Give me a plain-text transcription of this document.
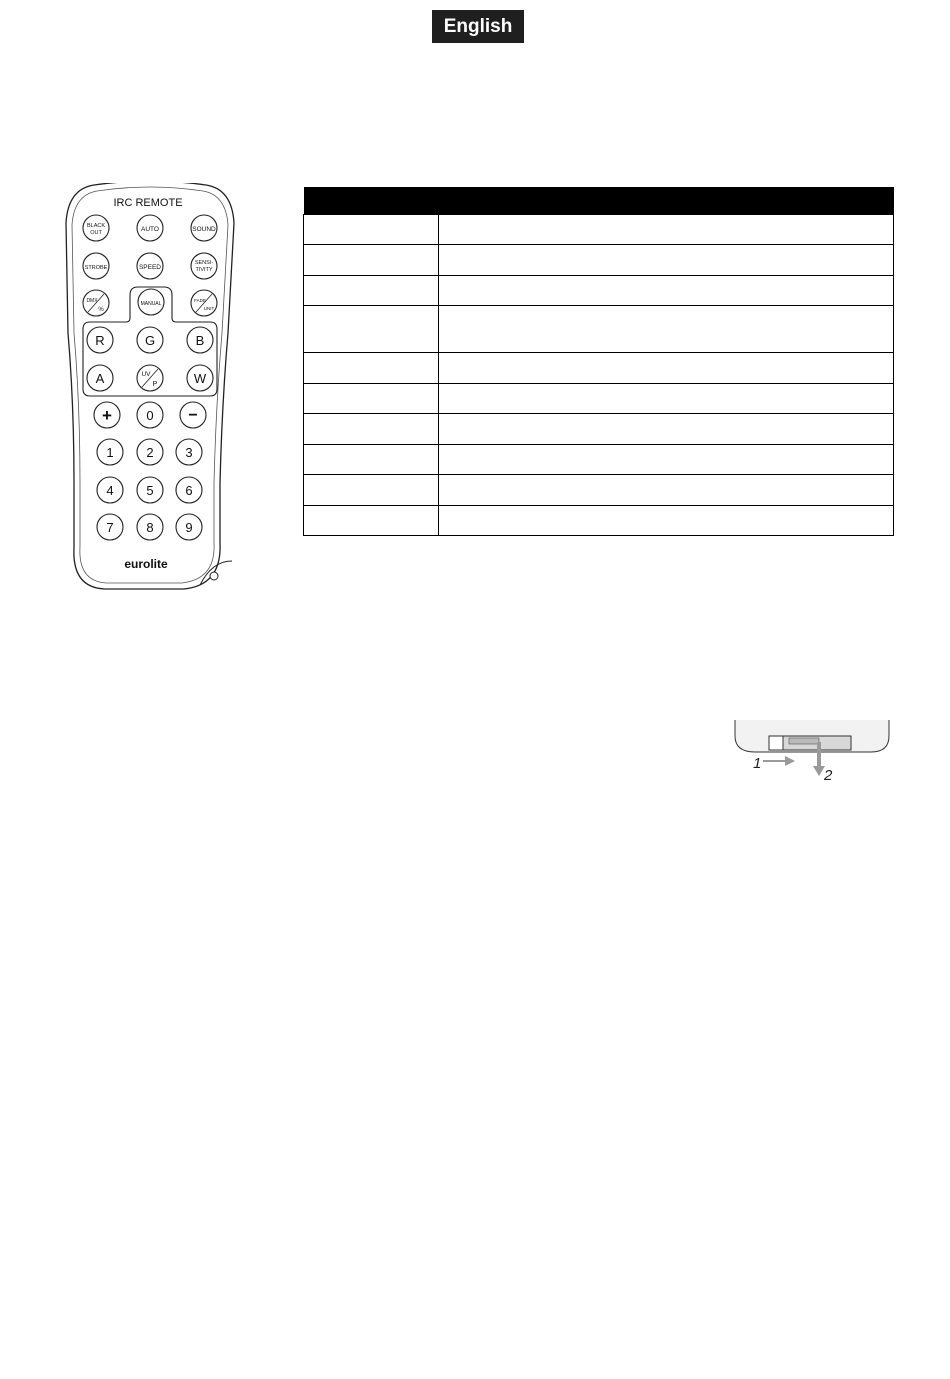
English
IRC REMOTE
BLACK
OUT	AUTO	SOUND
STROBE	SPEED
SENSI-
TIVITY
DMX
%
MANUAL
FADE
UNIT
R	G	B
A	UV
P	W
+	0 −
1	2 3
4	5 6
7	8 9
eurolite

1
2
